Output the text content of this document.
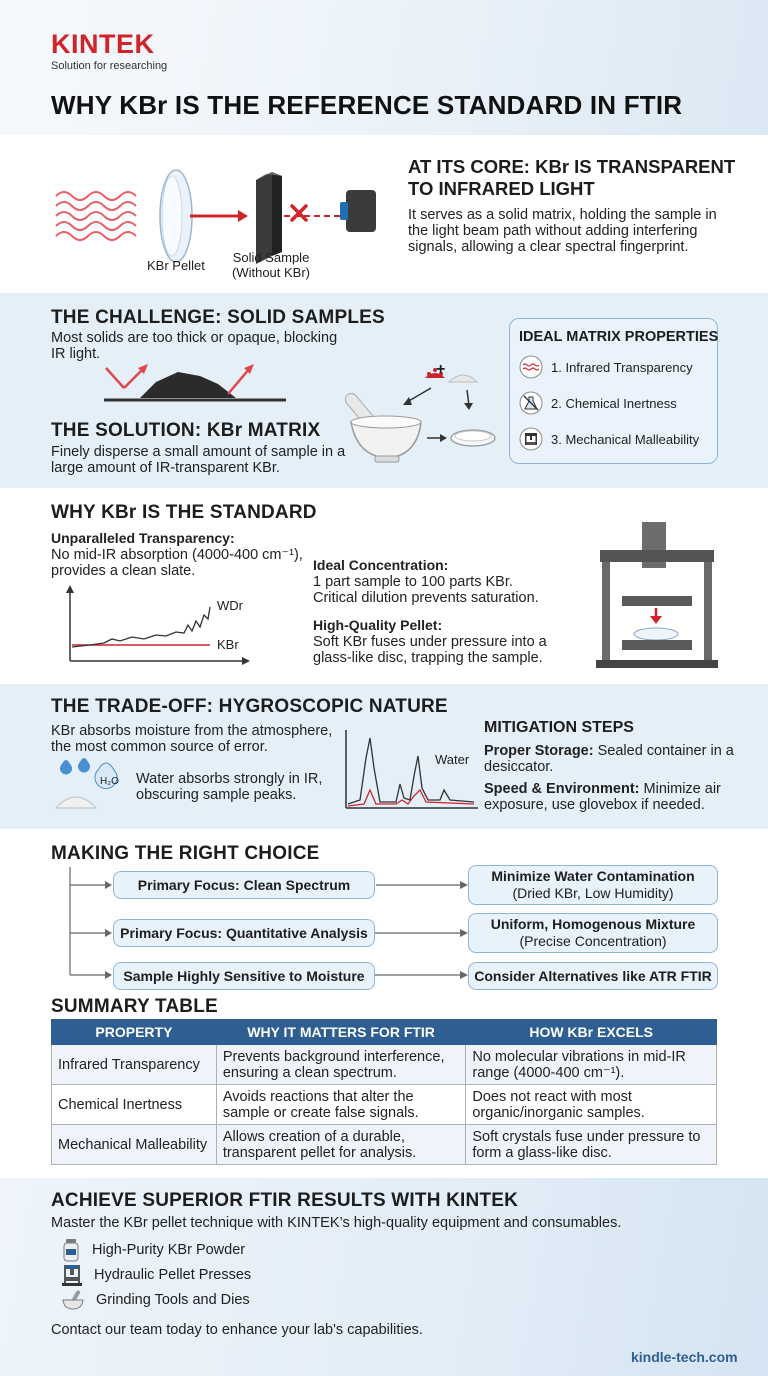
KINTEK
Solution for researching
WHY KBr IS THE REFERENCE STANDARD IN FTIR
KBr Pellet
Solid Sample
(Without KBr)
AT ITS CORE: KBr IS TRANSPARENT TO INFRARED LIGHT
It serves as a solid matrix, holding the sample in the light beam path without adding interfering signals, allowing a clear spectral fingerprint.
THE CHALLENGE: SOLID SAMPLES
Most solids are too thick or opaque, blocking IR light.
THE SOLUTION: KBr MATRIX
Finely disperse a small amount of sample in a large amount of IR-transparent KBr.
+
IDEAL MATRIX PROPERTIES
1. Infrared Transparency
2. Chemical Inertness
3. Mechanical Malleability
WHY KBr IS THE STANDARD
Unparalleled Transparency:
No mid-IR absorption (4000-400 cm⁻¹), provides a clean slate.
WDr
KBr
Ideal Concentration:
1 part sample to 100 parts KBr. Critical dilution prevents saturation.
High-Quality Pellet:
Soft KBr fuses under pressure into a glass-like disc, trapping the sample.
THE TRADE-OFF: HYGROSCOPIC NATURE
KBr absorbs moisture from the atmosphere, the most common source of error.
H₂O Water absorbs strongly in IR, obscuring sample peaks.
Water
MITIGATION STEPS
Proper Storage: Sealed container in a desiccator.
Speed & Environment: Minimize air exposure, use glovebox if needed.
MAKING THE RIGHT CHOICE
Primary Focus: Clean Spectrum
Primary Focus: Quantitative Analysis
Sample Highly Sensitive to Moisture
Minimize Water Contamination
(Dried KBr, Low Humidity)
Uniform, Homogenous Mixture
(Precise Concentration)
Consider Alternatives like ATR FTIR
SUMMARY TABLE
PROPERTY	WHY IT MATTERS FOR FTIR	HOW KBr EXCELS
Infrared Transparency	Prevents background interference, ensuring a clean spectrum.	No molecular vibrations in mid-IR range (4000-400 cm⁻¹).
Chemical Inertness	Avoids reactions that alter the sample or create false signals.	Does not react with most organic/inorganic samples.
Mechanical Malleability	Allows creation of a durable, transparent pellet for analysis.	Soft crystals fuse under pressure to form a glass-like disc.
ACHIEVE SUPERIOR FTIR RESULTS WITH KINTEK
Master the KBr pellet technique with KINTEK’s high-quality equipment and consumables.
High-Purity KBr Powder
Hydraulic Pellet Presses
Grinding Tools and Dies
Contact our team today to enhance your lab's capabilities.
kindle-tech.com
